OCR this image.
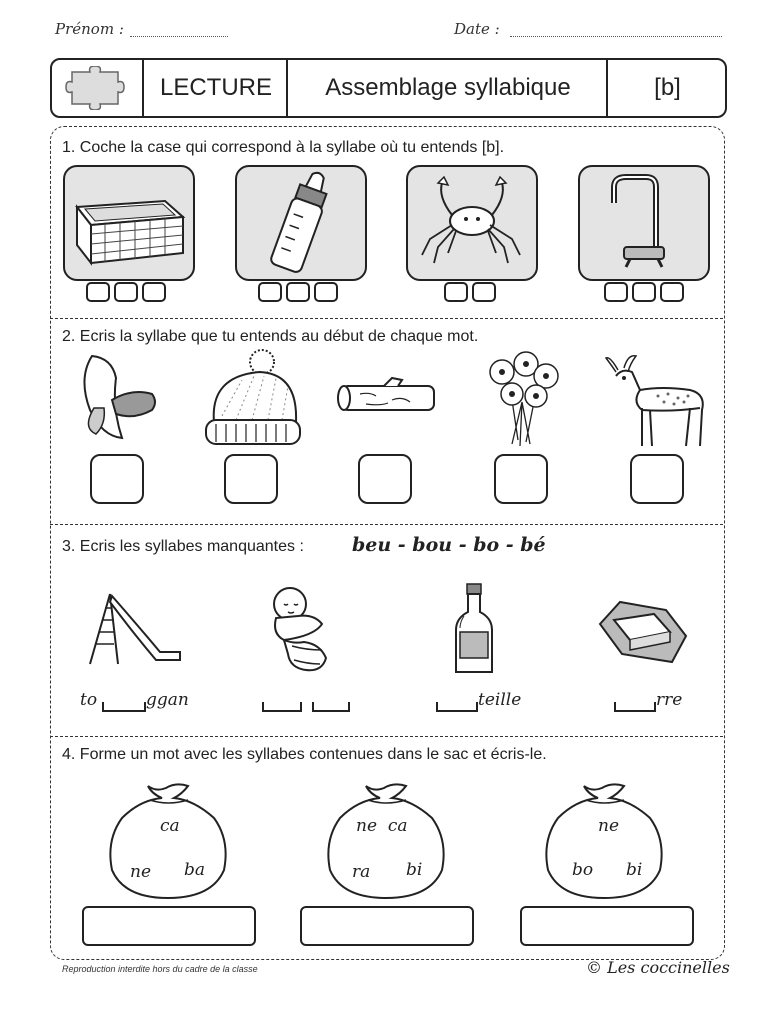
Prénom :	Date :
LECTURE	Assemblage syllabique	[b]
1. Coche la case qui correspond à la syllabe où tu entends [b].
2. Ecris la syllabe que tu entends au début de chaque mot.
3. Ecris les syllabes manquantes :	beu - bou - bo - bé
to	ggan	teille	rre
4. Forme un mot avec les syllabes contenues dans le sac et écris-le.
ca
ne ba
ne  ca
ra bi
ne
bo bi
Reproduction interdite hors du cadre de la classe	© Les coccinelles
